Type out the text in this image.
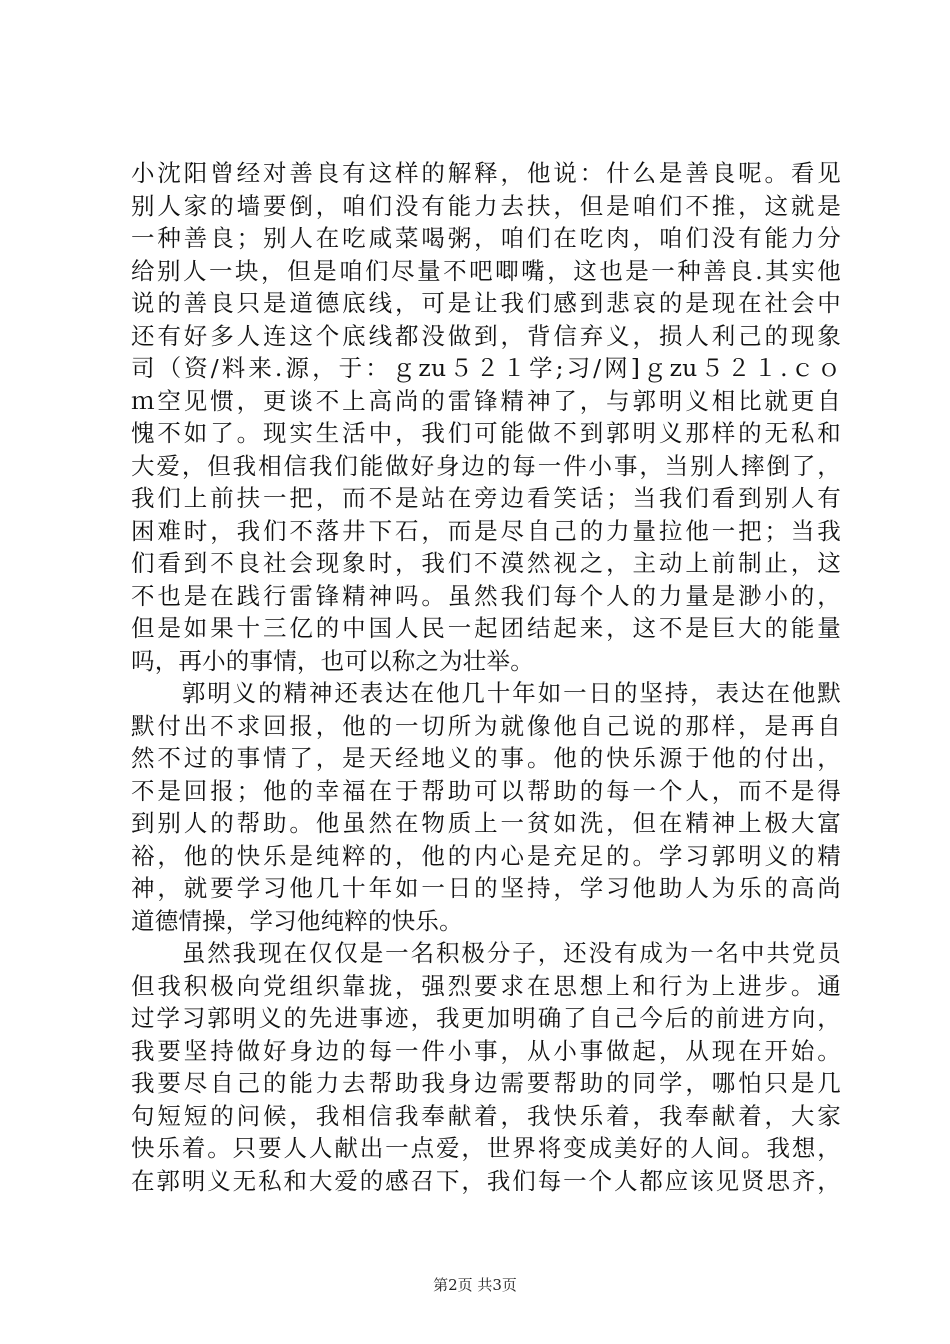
小沈阳曾经对善良有这样的解释，他说：什么是善良呢。看见
别人家的墙要倒，咱们没有能力去扶，但是咱们不推，这就是
一种善良；别人在吃咸菜喝粥，咱们在吃肉，咱们没有能力分
给别人一块，但是咱们尽量不吧唧嘴，这也是一种善良.其实他
说的善良只是道德底线，可是让我们感到悲哀的是现在社会中
还有好多人连这个底线都没做到，背信弃义，损人利己的现象
司（资/料来.源，于：ｇzu５２１学;习/网]ｇzu５２１.ｃｏ
ｍ空见惯，更谈不上高尚的雷锋精神了，与郭明义相比就更自
愧不如了。现实生活中，我们可能做不到郭明义那样的无私和
大爱，但我相信我们能做好身边的每一件小事，当别人摔倒了，
我们上前扶一把，而不是站在旁边看笑话；当我们看到别人有
困难时，我们不落井下石，而是尽自己的力量拉他一把；当我
们看到不良社会现象时，我们不漠然视之，主动上前制止，这
不也是在践行雷锋精神吗。虽然我们每个人的力量是渺小的，
但是如果十三亿的中国人民一起团结起来，这不是巨大的能量
吗，再小的事情，也可以称之为壮举。
　　郭明义的精神还表达在他几十年如一日的坚持，表达在他默
默付出不求回报，他的一切所为就像他自己说的那样，是再自
然不过的事情了，是天经地义的事。他的快乐源于他的付出，
不是回报；他的幸福在于帮助可以帮助的每一个人，而不是得
到别人的帮助。他虽然在物质上一贫如洗，但在精神上极大富
裕，他的快乐是纯粹的，他的内心是充足的。学习郭明义的精
神，就要学习他几十年如一日的坚持，学习他助人为乐的高尚
道德情操，学习他纯粹的快乐。
　　虽然我现在仅仅是一名积极分子，还没有成为一名中共党员
但我积极向党组织靠拢，强烈要求在思想上和行为上进步。通
过学习郭明义的先进事迹，我更加明确了自己今后的前进方向，
我要坚持做好身边的每一件小事，从小事做起，从现在开始。
我要尽自己的能力去帮助我身边需要帮助的同学，哪怕只是几
句短短的问候，我相信我奉献着，我快乐着，我奉献着，大家
快乐着。只要人人献出一点爱，世界将变成美好的人间。我想，
在郭明义无私和大爱的感召下，我们每一个人都应该见贤思齐，
第2页 共3页
